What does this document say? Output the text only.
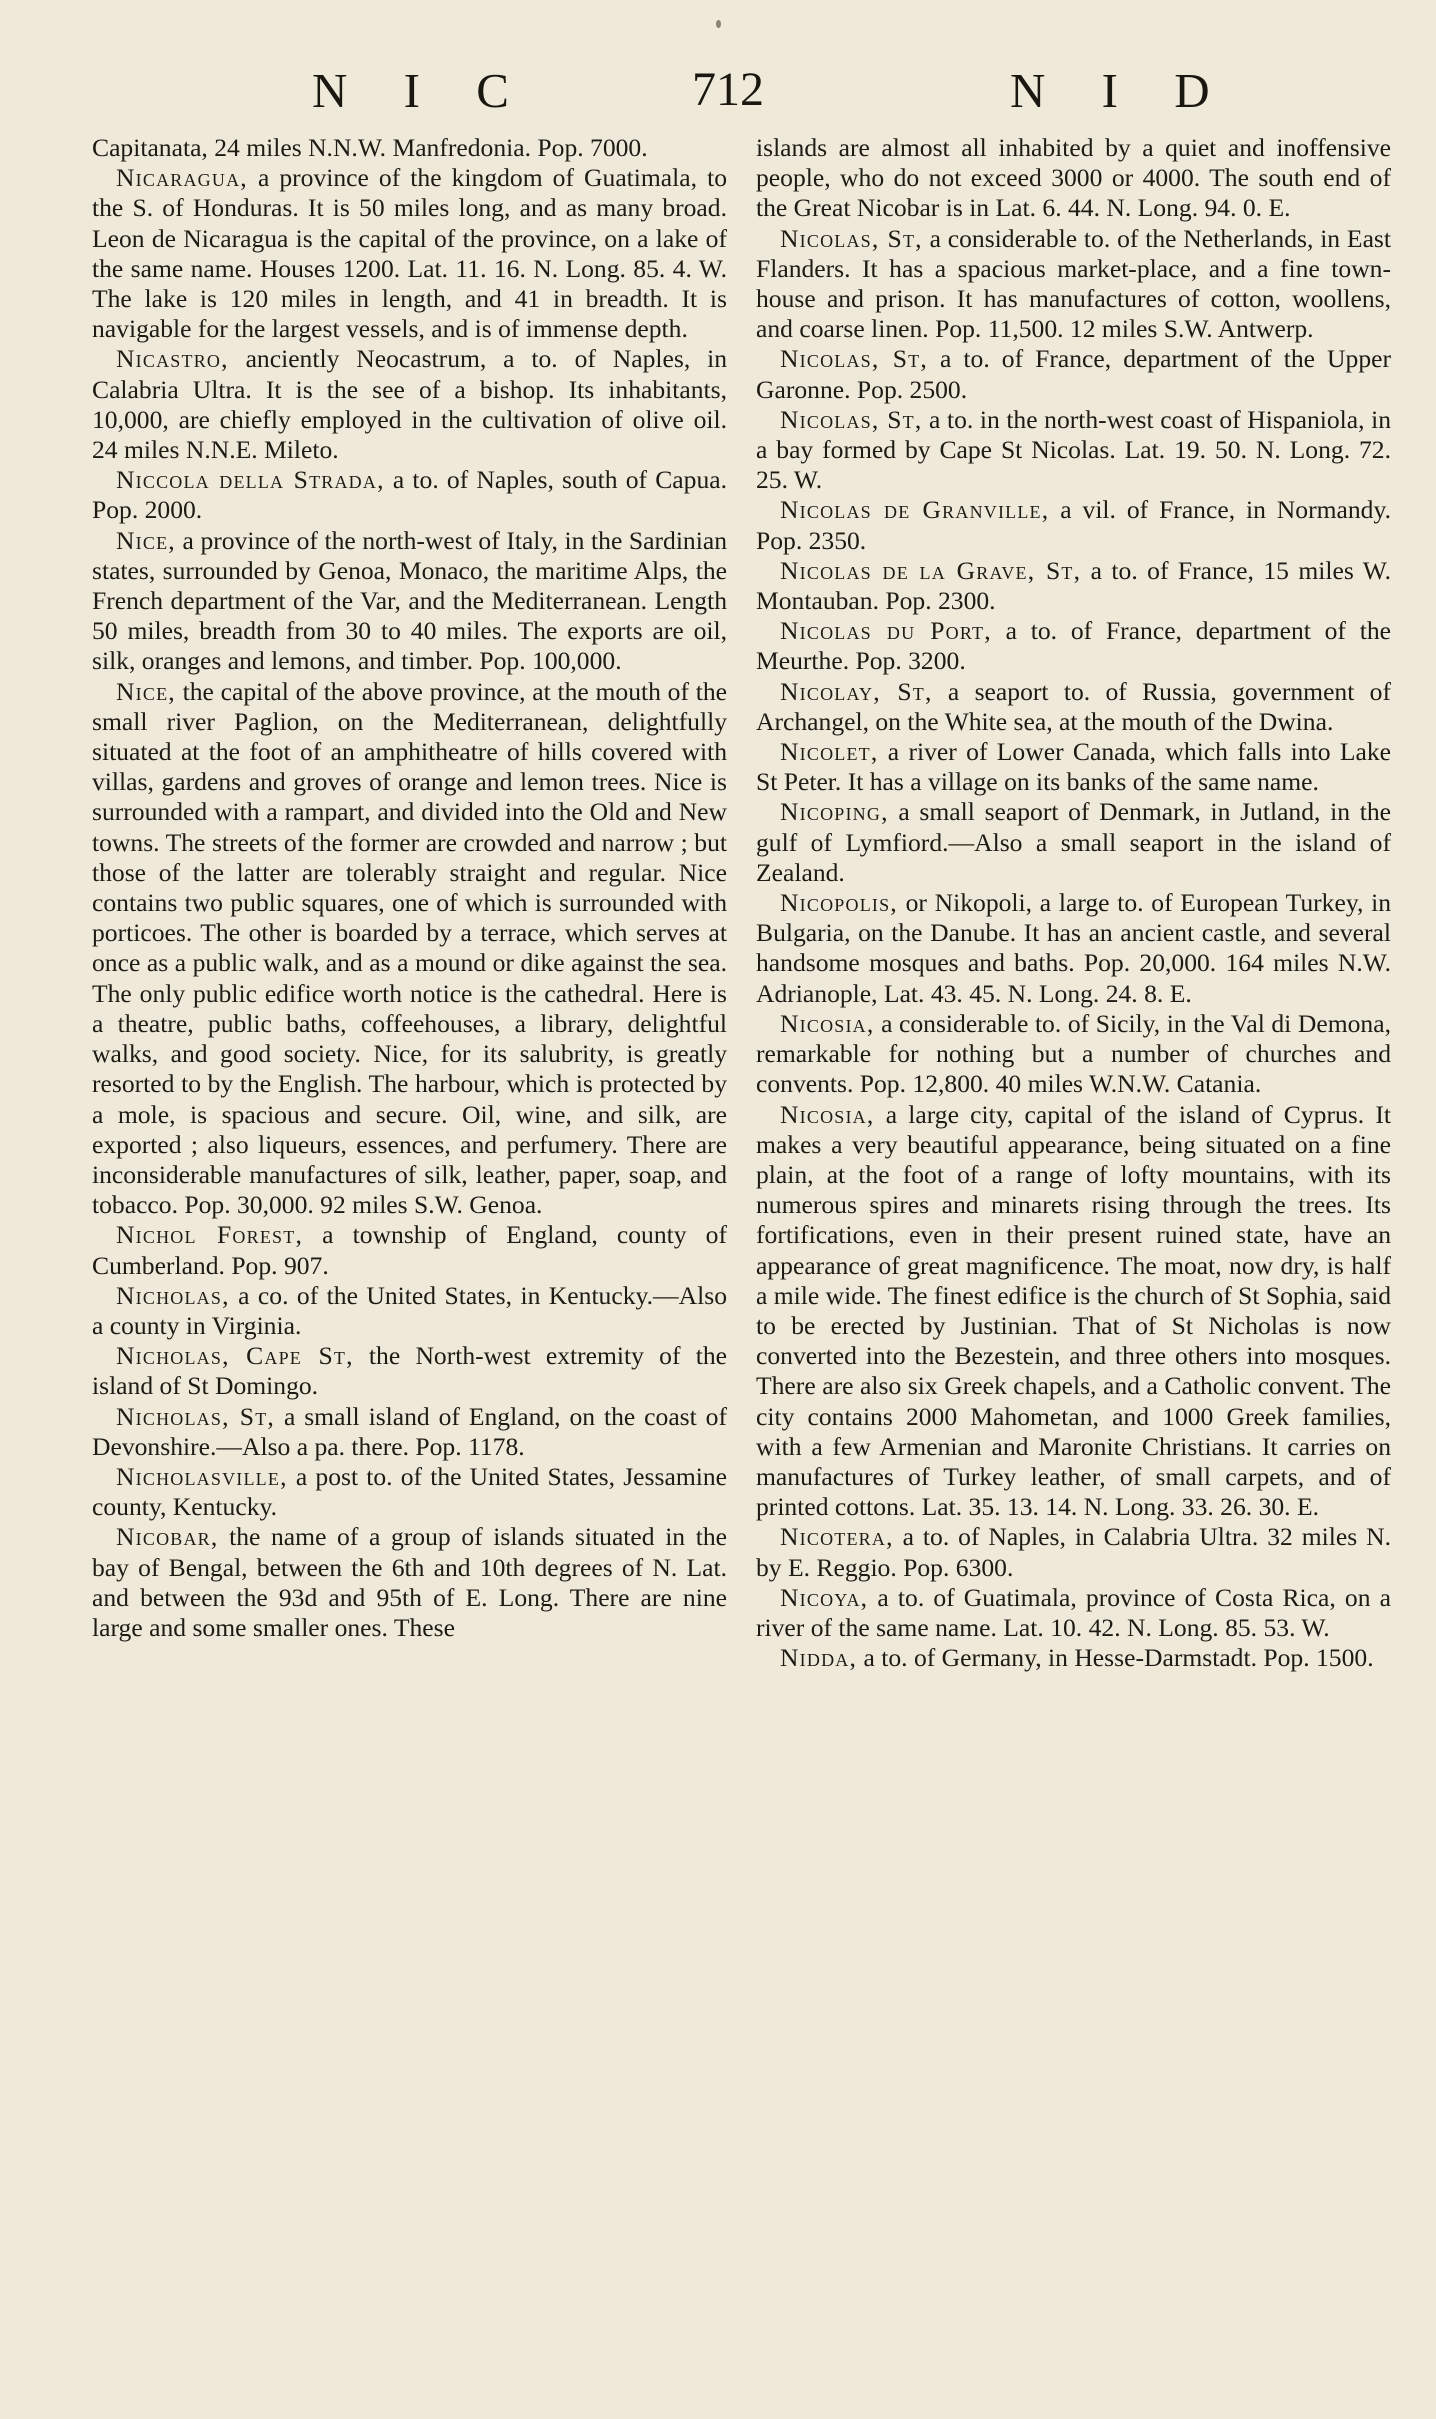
N I C	712	N I D

Capitanata, 24 miles N.N.W. Manfredonia. Pop. 7000.

Nicaragua, a province of the kingdom of Guatimala, to the S. of Honduras. It is 50 miles long, and as many broad. Leon de Nicaragua is the capital of the province, on a lake of the same name. Houses 1200. Lat. 11. 16. N. Long. 85. 4. W. The lake is 120 miles in length, and 41 in breadth. It is navigable for the largest vessels, and is of immense depth.

Nicastro, anciently Neocastrum, a to. of Naples, in Calabria Ultra. It is the see of a bishop. Its inhabitants, 10,000, are chiefly employed in the cultivation of olive oil. 24 miles N.N.E. Mileto.

Niccola della Strada, a to. of Naples, south of Capua. Pop. 2000.

Nice, a province of the north-west of Italy, in the Sardinian states, surrounded by Genoa, Monaco, the maritime Alps, the French department of the Var, and the Mediterranean. Length 50 miles, breadth from 30 to 40 miles. The exports are oil, silk, oranges and lemons, and timber. Pop. 100,000.

Nice, the capital of the above province, at the mouth of the small river Paglion, on the Mediterranean, delightfully situated at the foot of an amphitheatre of hills covered with villas, gardens and groves of orange and lemon trees. Nice is surrounded with a rampart, and divided into the Old and New towns. The streets of the former are crowded and narrow ; but those of the latter are tolerably straight and regular. Nice contains two public squares, one of which is surrounded with porticoes. The other is boarded by a terrace, which serves at once as a public walk, and as a mound or dike against the sea. The only public edifice worth notice is the cathedral. Here is a theatre, public baths, coffeehouses, a library, delightful walks, and good society. Nice, for its salubrity, is greatly resorted to by the English. The harbour, which is protected by a mole, is spacious and secure. Oil, wine, and silk, are exported ; also liqueurs, essences, and perfumery. There are inconsiderable manufactures of silk, leather, paper, soap, and tobacco. Pop. 30,000. 92 miles S.W. Genoa.

Nichol Forest, a township of England, county of Cumberland. Pop. 907.

Nicholas, a co. of the United States, in Kentucky.—Also a county in Virginia.

Nicholas, Cape St, the North-west extremity of the island of St Domingo.

Nicholas, St, a small island of England, on the coast of Devonshire.—Also a pa. there. Pop. 1178.

Nicholasville, a post to. of the United States, Jessamine county, Kentucky.

Nicobar, the name of a group of islands situated in the bay of Bengal, between the 6th and 10th degrees of N. Lat. and between the 93d and 95th of E. Long. There are nine large and some smaller ones. These

islands are almost all inhabited by a quiet and inoffensive people, who do not exceed 3000 or 4000. The south end of the Great Nicobar is in Lat. 6. 44. N. Long. 94. 0. E.

Nicolas, St, a considerable to. of the Netherlands, in East Flanders. It has a spacious market-place, and a fine town-house and prison. It has manufactures of cotton, woollens, and coarse linen. Pop. 11,500. 12 miles S.W. Antwerp.

Nicolas, St, a to. of France, department of the Upper Garonne. Pop. 2500.

Nicolas, St, a to. in the north-west coast of Hispaniola, in a bay formed by Cape St Nicolas. Lat. 19. 50. N. Long. 72. 25. W.

Nicolas de Granville, a vil. of France, in Normandy. Pop. 2350.

Nicolas de la Grave, St, a to. of France, 15 miles W. Montauban. Pop. 2300.

Nicolas du Port, a to. of France, department of the Meurthe. Pop. 3200.

Nicolay, St, a seaport to. of Russia, government of Archangel, on the White sea, at the mouth of the Dwina.

Nicolet, a river of Lower Canada, which falls into Lake St Peter. It has a village on its banks of the same name.

Nicoping, a small seaport of Denmark, in Jutland, in the gulf of Lymfiord.—Also a small seaport in the island of Zealand.

Nicopolis, or Nikopoli, a large to. of European Turkey, in Bulgaria, on the Danube. It has an ancient castle, and several handsome mosques and baths. Pop. 20,000. 164 miles N.W. Adrianople, Lat. 43. 45. N. Long. 24. 8. E.

Nicosia, a considerable to. of Sicily, in the Val di Demona, remarkable for nothing but a number of churches and convents. Pop. 12,800. 40 miles W.N.W. Catania.

Nicosia, a large city, capital of the island of Cyprus. It makes a very beautiful appearance, being situated on a fine plain, at the foot of a range of lofty mountains, with its numerous spires and minarets rising through the trees. Its fortifications, even in their present ruined state, have an appearance of great magnificence. The moat, now dry, is half a mile wide. The finest edifice is the church of St Sophia, said to be erected by Justinian. That of St Nicholas is now converted into the Bezestein, and three others into mosques. There are also six Greek chapels, and a Catholic convent. The city contains 2000 Mahometan, and 1000 Greek families, with a few Armenian and Maronite Christians. It carries on manufactures of Turkey leather, of small carpets, and of printed cottons. Lat. 35. 13. 14. N. Long. 33. 26. 30. E.

Nicotera, a to. of Naples, in Calabria Ultra. 32 miles N. by E. Reggio. Pop. 6300.

Nicoya, a to. of Guatimala, province of Costa Rica, on a river of the same name. Lat. 10. 42. N. Long. 85. 53. W.

Nidda, a to. of Germany, in Hesse-Darmstadt. Pop. 1500.
